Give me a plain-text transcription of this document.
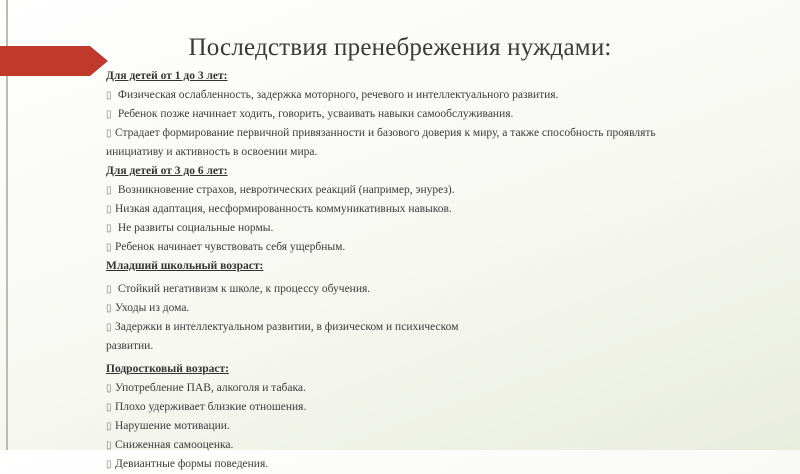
Последствия пренебрежения нуждами:
Для детей от 1 до 3 лет:
▯ Физическая ослабленность, задержка моторного, речевого и интеллектуального развития.
▯ Ребенок позже начинает ходить, говорить, усваивать навыки самообслуживания.
▯ Страдает формирование первичной привязанности и базового доверия к миру, а также способность проявлять
инициативу и активность в освоении мира.
Для детей от 3 до 6 лет:
▯ Возникновение страхов, невротических реакций (например, энурез).
▯ Низкая адаптация, несформированность коммуникативных навыков.
▯ Не развиты социальные нормы.
▯ Ребенок начинает чувствовать себя ущербным.
Младший школьный возраст:
▯ Стойкий негативизм к школе, к процессу обучения.
▯ Уходы из дома.
▯ Задержки в интеллектуальном развитии, в физическом и психическом
развитии.
Подростковый возраст:
▯ Употребление ПАВ, алкоголя и табака.
▯ Плохо удерживает близкие отношения.
▯ Нарушение мотивации.
▯ Сниженная самооценка.
▯ Девиантные формы поведения.
